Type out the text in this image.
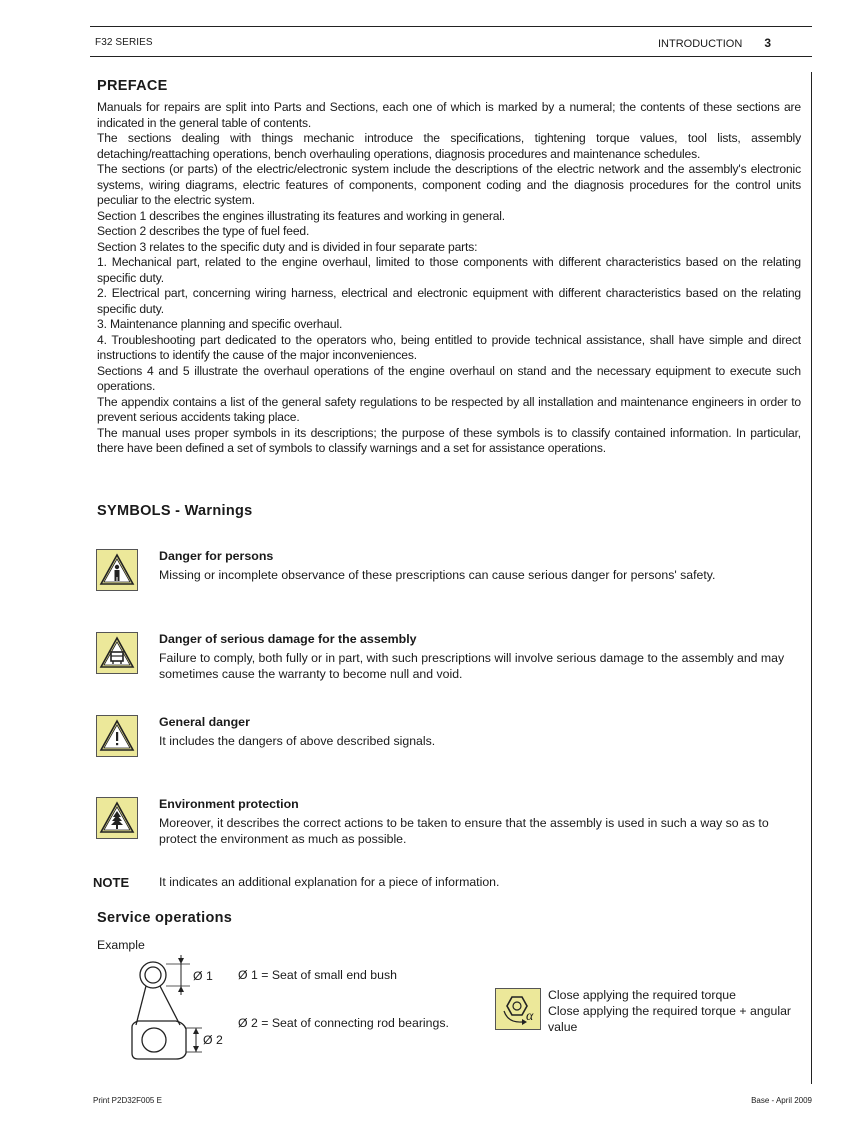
F32 SERIES	INTRODUCTION 3
PREFACE

Manuals for repairs are split into Parts and Sections, each one of which is marked by a numeral; the contents of these sections are indicated in the general table of contents.

The sections dealing with things mechanic introduce the specifications, tightening torque values, tool lists, assembly detaching/reattaching operations, bench overhauling operations, diagnosis procedures and maintenance schedules.

The sections (or parts) of the electric/electronic system include the descriptions of the electric network and the assembly's electronic systems, wiring diagrams, electric features of components, component coding and the diagnosis procedures for the control units peculiar to the electric system.

Section 1 describes the engines illustrating its features and working in general.

Section 2 describes the type of fuel feed.

Section 3 relates to the specific duty and is divided in four separate parts:

1. Mechanical part, related to the engine overhaul, limited to those components with different characteristics based on the relating specific duty.

2. Electrical part, concerning wiring harness, electrical and electronic equipment with different characteristics based on the relating specific duty.

3. Maintenance planning and specific overhaul.

4. Troubleshooting part dedicated to the operators who, being entitled to provide technical assistance, shall have simple and direct instructions to identify the cause of the major inconveniences.

Sections 4 and 5 illustrate the overhaul operations of the engine overhaul on stand and the necessary equipment to execute such operations.

The appendix contains a list of the general safety regulations to be respected by all installation and maintenance engineers in order to prevent serious accidents taking place.

The manual uses proper symbols in its descriptions; the purpose of these symbols is to classify contained information. In particular, there have been defined a set of symbols to classify warnings and a set for assistance operations.

SYMBOLS - Warnings
Danger for persons
Missing or incomplete observance of these prescriptions can cause serious danger for persons' safety.
Danger of serious damage for the assembly
Failure to comply, both fully or in part, with such prescriptions will involve serious damage to the assembly and may sometimes cause the warranty to become null and void.
General danger
It includes the dangers of above described signals.
Environment protection
Moreover, it describes the correct actions to be taken to ensure that the assembly is used in such a way so as to protect the environment as much as possible.
NOTE It indicates an additional explanation for a piece of information.
Service operations
Example
Ø 1
Ø 2
Ø 1 = Seat of small end bush
Ø 2 = Seat of connecting rod bearings.	α
Close applying the required torque
Close applying the required torque + angular value
Print P2D32F005 E	Base - April 2009
